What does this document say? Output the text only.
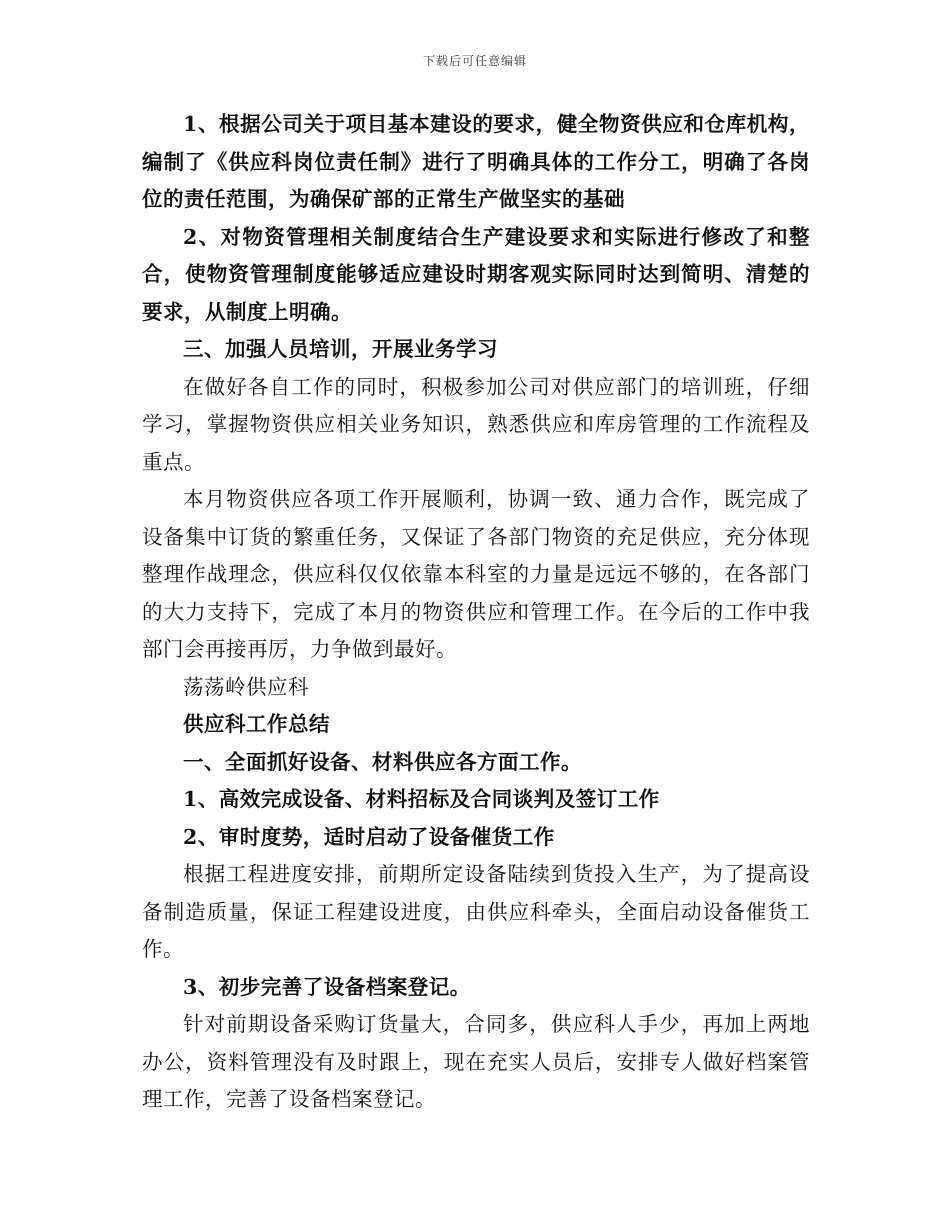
下载后可任意编辑

1、根据公司关于项目基本建设的要求，健全物资供应和仓库机构，编制了《供应科岗位责任制》进行了明确具体的工作分工，明确了各岗位的责任范围，为确保矿部的正常生产做坚实的基础

2、对物资管理相关制度结合生产建设要求和实际进行修改了和整合，使物资管理制度能够适应建设时期客观实际同时达到简明、清楚的要求，从制度上明确。

三、加强人员培训，开展业务学习

在做好各自工作的同时，积极参加公司对供应部门的培训班，仔细学习，掌握物资供应相关业务知识，熟悉供应和库房管理的工作流程及重点。

本月物资供应各项工作开展顺利，协调一致、通力合作，既完成了设备集中订货的繁重任务，又保证了各部门物资的充足供应，充分体现整理作战理念，供应科仅仅依靠本科室的力量是远远不够的，在各部门的大力支持下，完成了本月的物资供应和管理工作。在今后的工作中我部门会再接再厉，力争做到最好。

荡荡岭供应科

供应科工作总结

一、全面抓好设备、材料供应各方面工作。

1、高效完成设备、材料招标及合同谈判及签订工作

2、审时度势，适时启动了设备催货工作

根据工程进度安排，前期所定设备陆续到货投入生产，为了提高设备制造质量，保证工程建设进度，由供应科牵头，全面启动设备催货工作。

3、初步完善了设备档案登记。

针对前期设备采购订货量大，合同多，供应科人手少，再加上两地办公，资料管理没有及时跟上，现在充实人员后，安排专人做好档案管理工作，完善了设备档案登记。
